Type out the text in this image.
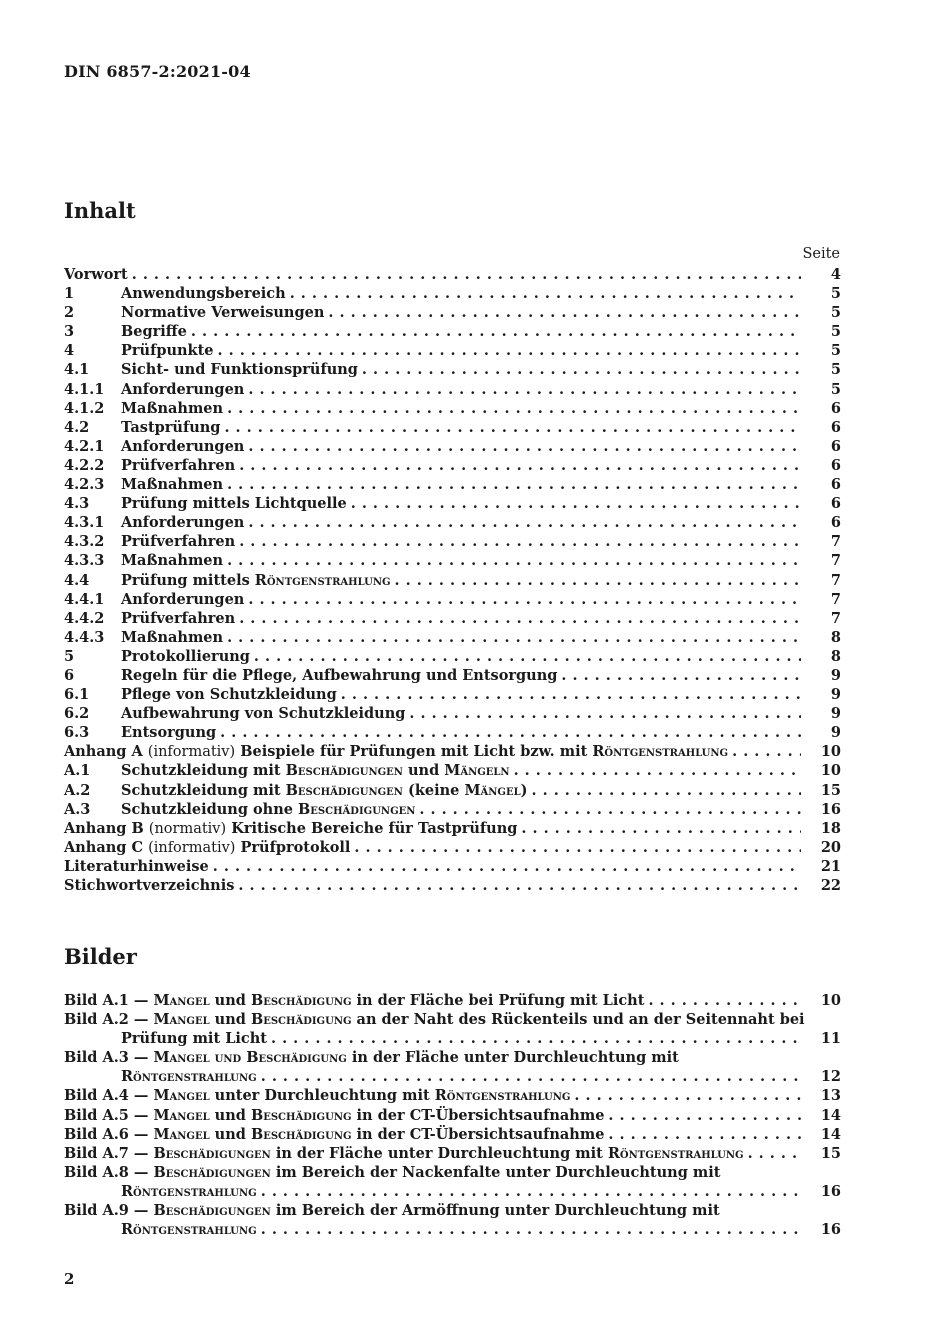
DIN 6857-2:2021-04
Inhalt
Seite
Vorwort . . .	4
1	Anwendungsbereich . . .	5
2	Normative Verweisungen . . .	5
3	Begriffe . . .	5
4	Prüfpunkte . . .	5
4.1	Sicht- und Funktionsprüfung . . .	5
4.1.1	Anforderungen . . .	5
4.1.2	Maßnahmen . . .	6
4.2	Tastprüfung . . .	6
4.2.1	Anforderungen . . .	6
4.2.2	Prüfverfahren . . .	6
4.2.3	Maßnahmen . . .	6
4.3	Prüfung mittels Lichtquelle . . .	6
4.3.1	Anforderungen . . .	6
4.3.2	Prüfverfahren . . .	7
4.3.3	Maßnahmen . . .	7
4.4	Prüfung mittels Röntgenstrahlung . . .	7
4.4.1	Anforderungen . . .	7
4.4.2	Prüfverfahren . . .	7
4.4.3	Maßnahmen . . .	8
5	Protokollierung . . .	8
6	Regeln für die Pflege, Aufbewahrung und Entsorgung . . .	9
6.1	Pflege von Schutzkleidung . . .	9
6.2	Aufbewahrung von Schutzkleidung . . .	9
6.3	Entsorgung . . .	9
Anhang A (informativ) Beispiele für Prüfungen mit Licht bzw. mit Röntgenstrahlung . . .	10
A.1	Schutzkleidung mit Beschädigungen und Mängeln . . .	10
A.2	Schutzkleidung mit Beschädigungen (keine Mängel) . . .	15
A.3	Schutzkleidung ohne Beschädigungen . . .	16
Anhang B (normativ) Kritische Bereiche für Tastprüfung . . .	18
Anhang C (informativ) Prüfprotokoll . . .	20
Literaturhinweise . . .	21
Stichwortverzeichnis . . .	22
Bilder
Bild A.1 — Mangel und Beschädigung in der Fläche bei Prüfung mit Licht . . .	10
Bild A.2 — Mangel und Beschädigung an der Naht des Rückenteils und an der Seitennaht bei
Prüfung mit Licht . . .	11
Bild A.3 — Mangel und Beschädigung in der Fläche unter Durchleuchtung mit
Röntgenstrahlung . . .	12
Bild A.4 — Mangel unter Durchleuchtung mit Röntgenstrahlung . . .	13
Bild A.5 — Mangel und Beschädigung in der CT-Übersichtsaufnahme . . .	14
Bild A.6 — Mangel und Beschädigung in der CT-Übersichtsaufnahme . . .	14
Bild A.7 — Beschädigungen in der Fläche unter Durchleuchtung mit Röntgenstrahlung . . .	15
Bild A.8 — Beschädigungen im Bereich der Nackenfalte unter Durchleuchtung mit
Röntgenstrahlung . . .	16
Bild A.9 — Beschädigungen im Bereich der Armöffnung unter Durchleuchtung mit
Röntgenstrahlung . . .	16
2
